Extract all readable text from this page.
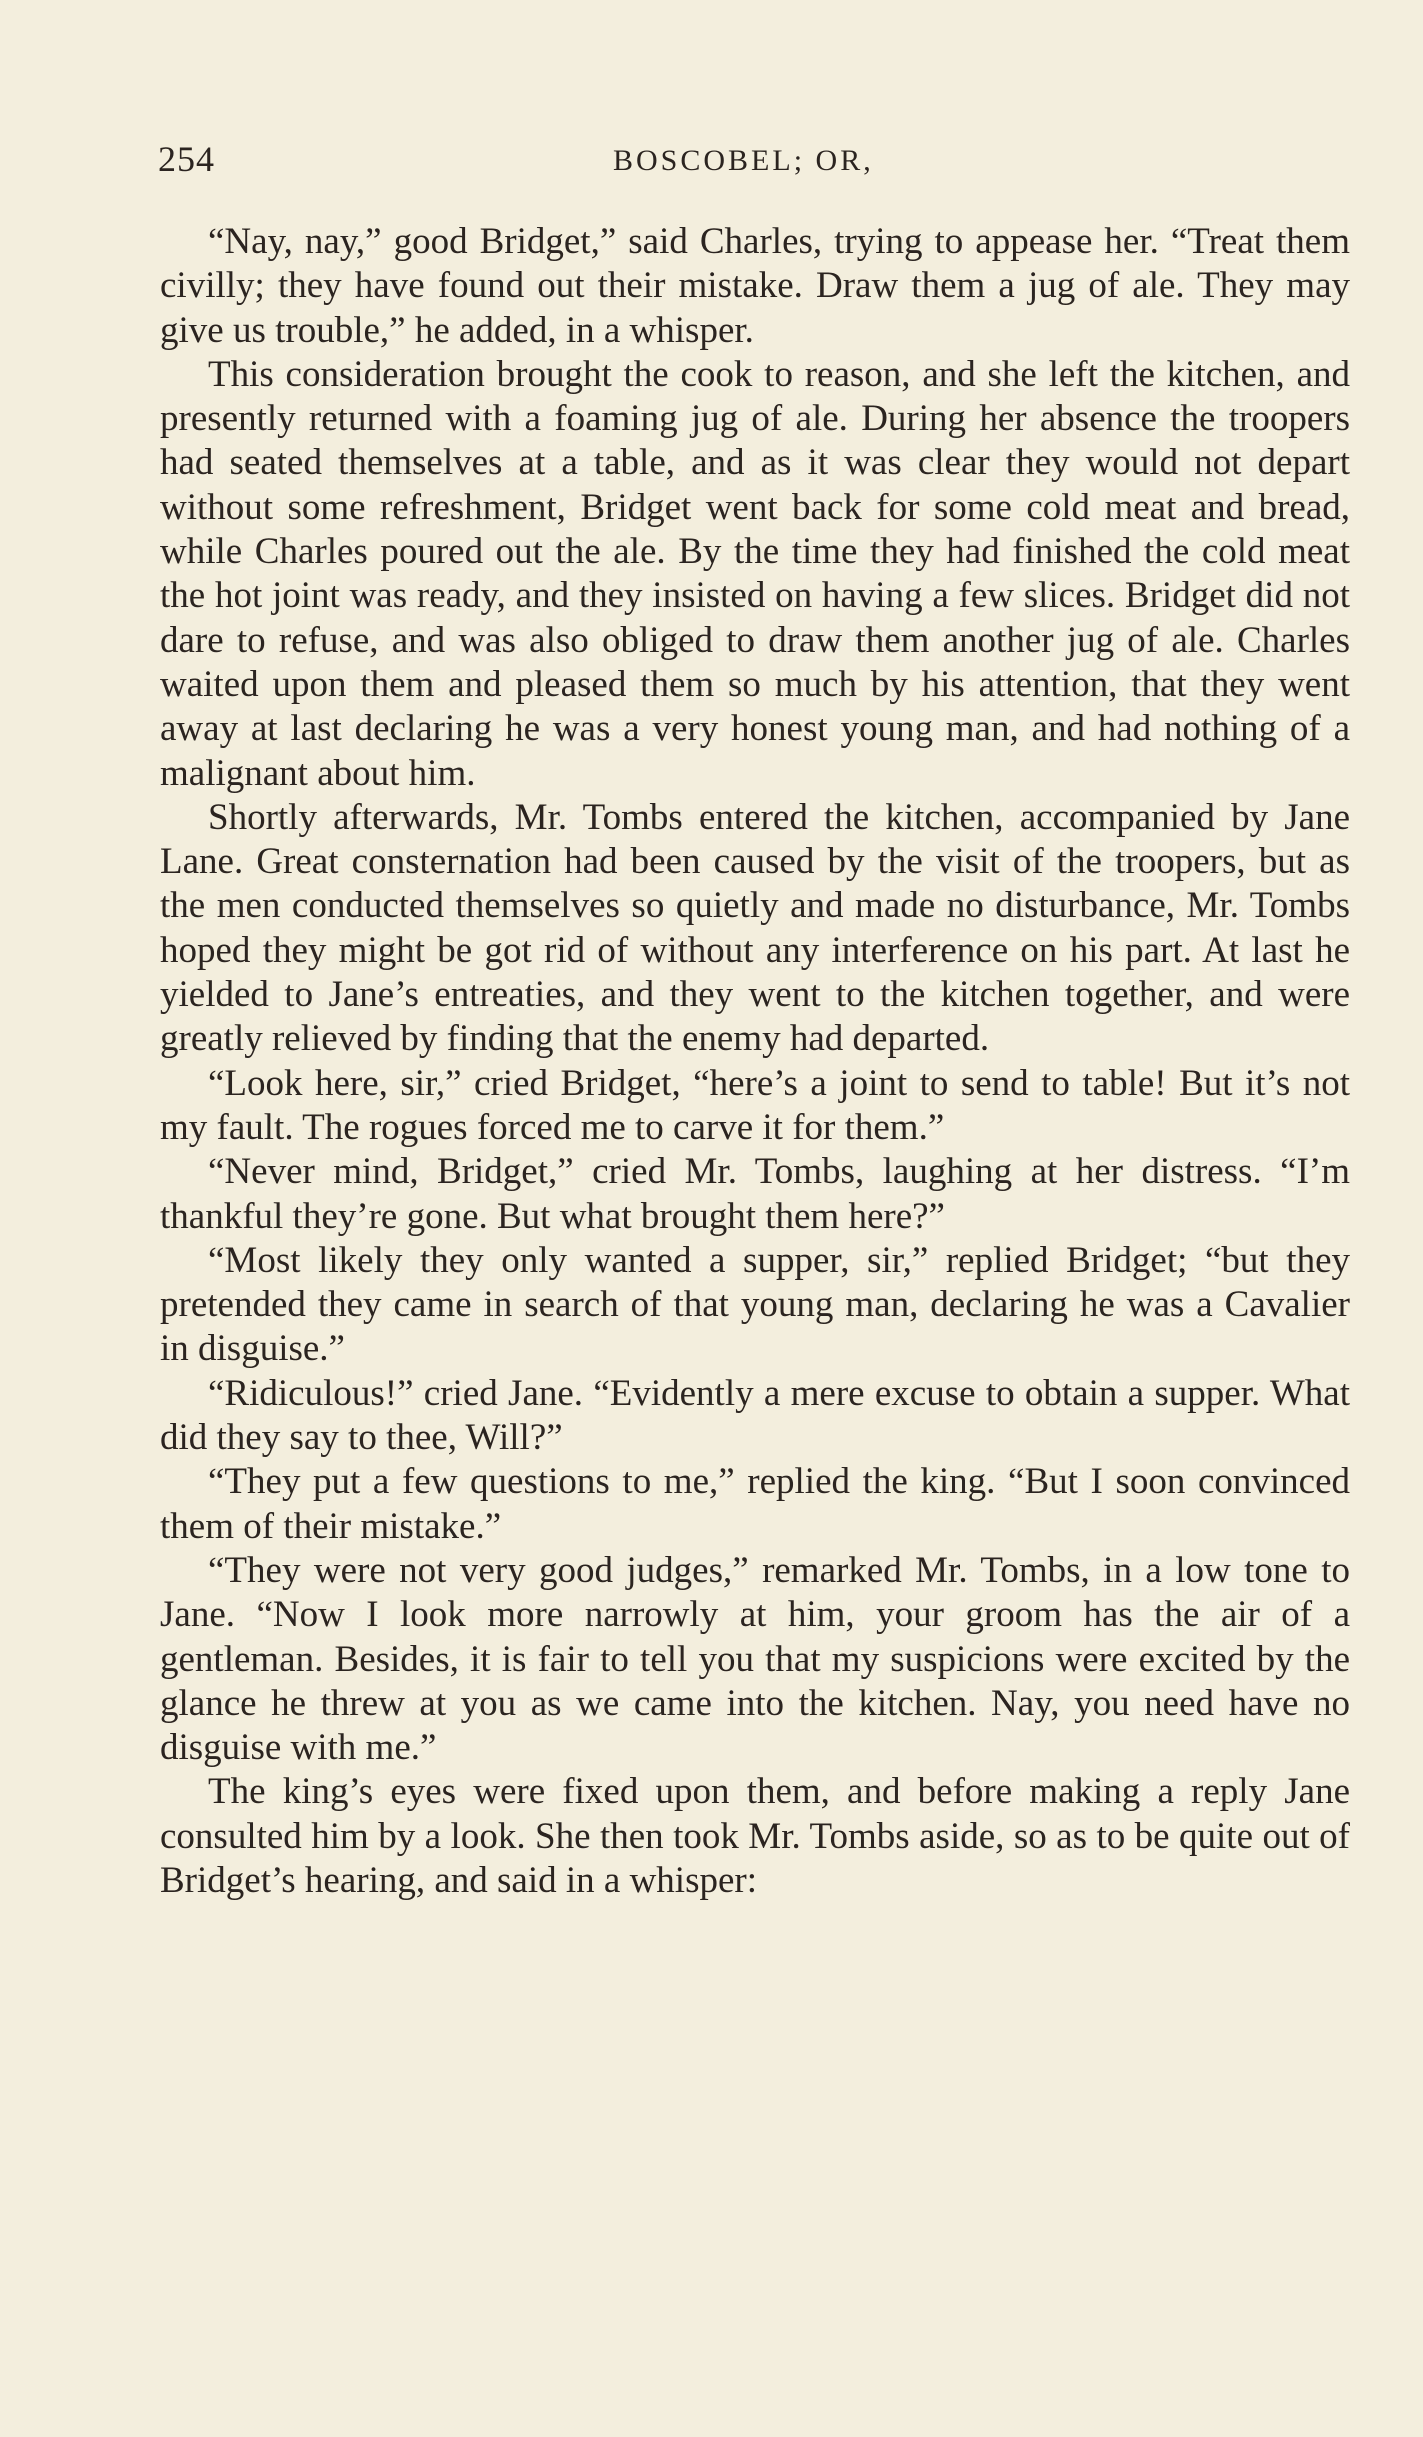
254	BOSCOBEL; OR,

“Nay, nay,” good Bridget,” said Charles, trying to appease her. “Treat them civilly; they have found out their mistake. Draw them a jug of ale. They may give us trouble,” he added, in a whisper.

This consideration brought the cook to reason, and she left the kitchen, and presently returned with a foaming jug of ale. During her absence the troopers had seated themselves at a table, and as it was clear they would not depart without some refreshment, Bridget went back for some cold meat and bread, while Charles poured out the ale. By the time they had finished the cold meat the hot joint was ready, and they insisted on having a few slices. Bridget did not dare to refuse, and was also obliged to draw them another jug of ale. Charles waited upon them and pleased them so much by his attention, that they went away at last declaring he was a very honest young man, and had nothing of a malignant about him.

Shortly afterwards, Mr. Tombs entered the kitchen, accompanied by Jane Lane. Great consternation had been caused by the visit of the troopers, but as the men conducted themselves so quietly and made no disturbance, Mr. Tombs hoped they might be got rid of without any interference on his part. At last he yielded to Jane’s entreaties, and they went to the kitchen together, and were greatly relieved by finding that the enemy had departed.

“Look here, sir,” cried Bridget, “here’s a joint to send to table! But it’s not my fault. The rogues forced me to carve it for them.”

“Never mind, Bridget,” cried Mr. Tombs, laughing at her distress. “I’m thankful they’re gone. But what brought them here?”

“Most likely they only wanted a supper, sir,” replied Bridget; “but they pretended they came in search of that young man, declaring he was a Cavalier in disguise.”

“Ridiculous!” cried Jane. “Evidently a mere excuse to obtain a supper. What did they say to thee, Will?”

“They put a few questions to me,” replied the king. “But I soon convinced them of their mistake.”

“They were not very good judges,” remarked Mr. Tombs, in a low tone to Jane. “Now I look more narrowly at him, your groom has the air of a gentleman. Besides, it is fair to tell you that my suspicions were excited by the glance he threw at you as we came into the kitchen. Nay, you need have no disguise with me.”

The king’s eyes were fixed upon them, and before making a reply Jane consulted him by a look. She then took Mr. Tombs aside, so as to be quite out of Bridget’s hearing, and said in a whisper:
